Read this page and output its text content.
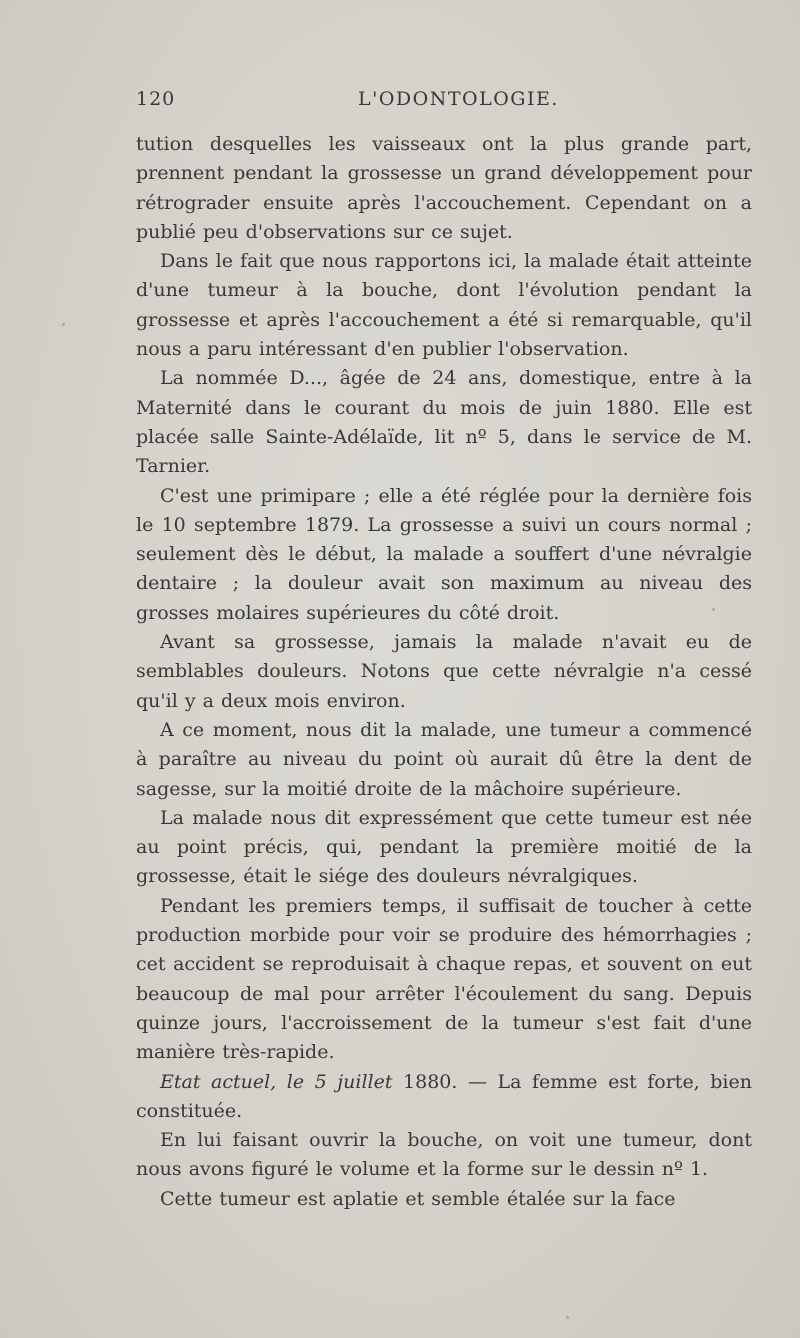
120	L'ODONTOLOGIE.

tution desquelles les vaisseaux ont la plus grande part, prennent pendant la grossesse un grand développement pour rétrograder ensuite après l'accouchement. Cependant on a publié peu d'observations sur ce sujet.

Dans le fait que nous rapportons ici, la malade était atteinte d'une tumeur à la bouche, dont l'évolution pendant la grossesse et après l'accouchement a été si remarquable, qu'il nous a paru intéressant d'en publier l'observation.

La nommée D..., âgée de 24 ans, domestique, entre à la Maternité dans le courant du mois de juin 1880. Elle est placée salle Sainte-Adélaïde, lit nº 5, dans le service de M. Tarnier.

C'est une primipare ; elle a été réglée pour la dernière fois le 10 septembre 1879. La grossesse a suivi un cours normal ; seulement dès le début, la malade a souffert d'une névralgie dentaire ; la douleur avait son maximum au niveau des grosses molaires supérieures du côté droit.

Avant sa grossesse, jamais la malade n'avait eu de semblables douleurs. Notons que cette névralgie n'a cessé qu'il y a deux mois environ.

A ce moment, nous dit la malade, une tumeur a commencé à paraître au niveau du point où aurait dû être la dent de sagesse, sur la moitié droite de la mâchoire supérieure.

La malade nous dit expressément que cette tumeur est née au point précis, qui, pendant la première moitié de la grossesse, était le siége des douleurs névralgiques.

Pendant les premiers temps, il suffisait de toucher à cette production morbide pour voir se produire des hémorrhagies ; cet accident se reproduisait à chaque repas, et souvent on eut beaucoup de mal pour arrêter l'écoulement du sang. Depuis quinze jours, l'accroissement de la tumeur s'est fait d'une manière très-rapide.

Etat actuel, le 5 juillet 1880. — La femme est forte, bien constituée.

En lui faisant ouvrir la bouche, on voit une tumeur, dont nous avons figuré le volume et la forme sur le dessin nº 1.

Cette tumeur est aplatie et semble étalée sur la face
